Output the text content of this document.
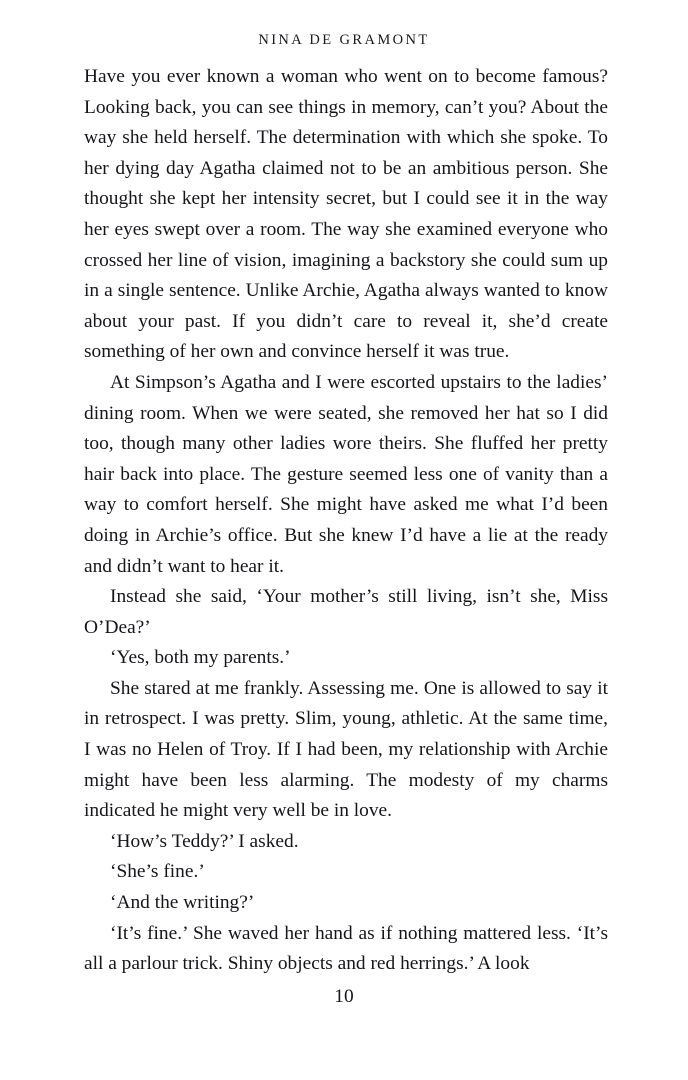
NINA DE GRAMONT

Have you ever known a woman who went on to become famous? Looking back, you can see things in memory, can’t you? About the way she held herself. The determination with which she spoke. To her dying day Agatha claimed not to be an ambitious person. She thought she kept her intensity secret, but I could see it in the way her eyes swept over a room. The way she examined everyone who crossed her line of vision, imagining a backstory she could sum up in a single sentence. Unlike Archie, Agatha always wanted to know about your past. If you didn’t care to reveal it, she’d create something of her own and convince herself it was true.

At Simpson’s Agatha and I were escorted upstairs to the ladies’ dining room. When we were seated, she removed her hat so I did too, though many other ladies wore theirs. She fluffed her pretty hair back into place. The gesture seemed less one of vanity than a way to comfort herself. She might have asked me what I’d been doing in Archie’s office. But she knew I’d have a lie at the ready and didn’t want to hear it.

Instead she said, ‘Your mother’s still living, isn’t she, Miss O’Dea?’

‘Yes, both my parents.’

She stared at me frankly. Assessing me. One is allowed to say it in retrospect. I was pretty. Slim, young, athletic. At the same time, I was no Helen of Troy. If I had been, my relationship with Archie might have been less alarming. The modesty of my charms indicated he might very well be in love.

‘How’s Teddy?’ I asked.

‘She’s fine.’

‘And the writing?’

‘It’s fine.’ She waved her hand as if nothing mattered less. ‘It’s all a parlour trick. Shiny objects and red herrings.’ A look

10
